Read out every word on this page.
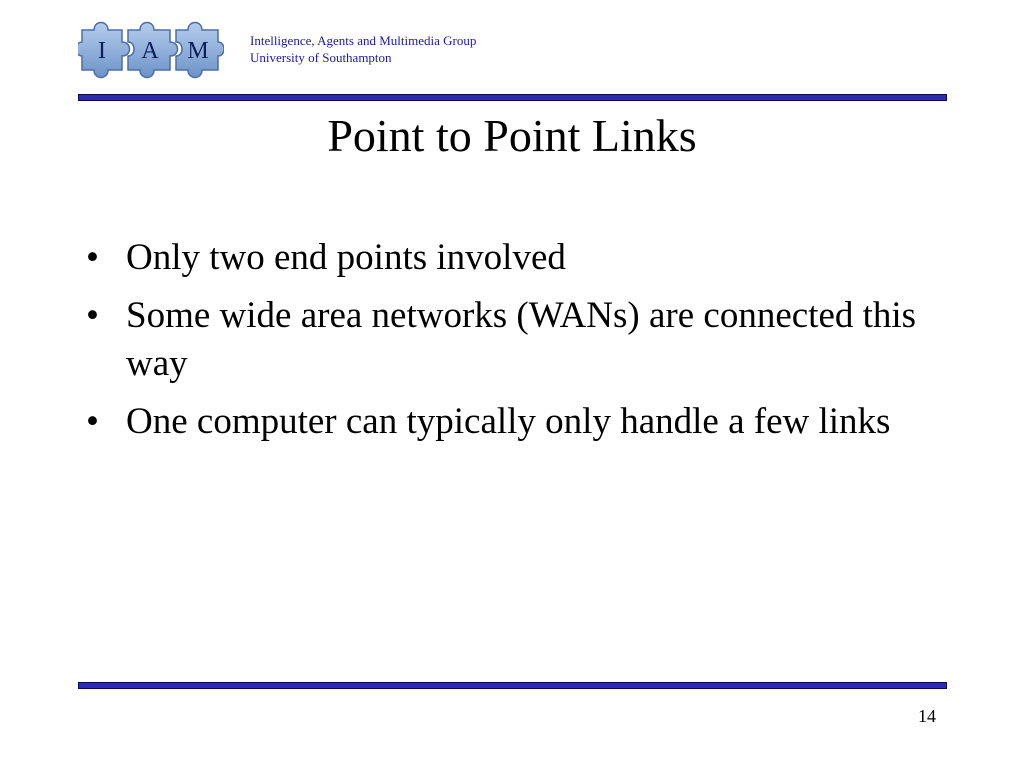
I A M	Intelligence, Agents and Multimedia Group
University of Southampton
Point to Point Links
• Only two end points involved
• Some wide area networks (WANs) are connected this way
• One computer can typically only handle a few links
14
